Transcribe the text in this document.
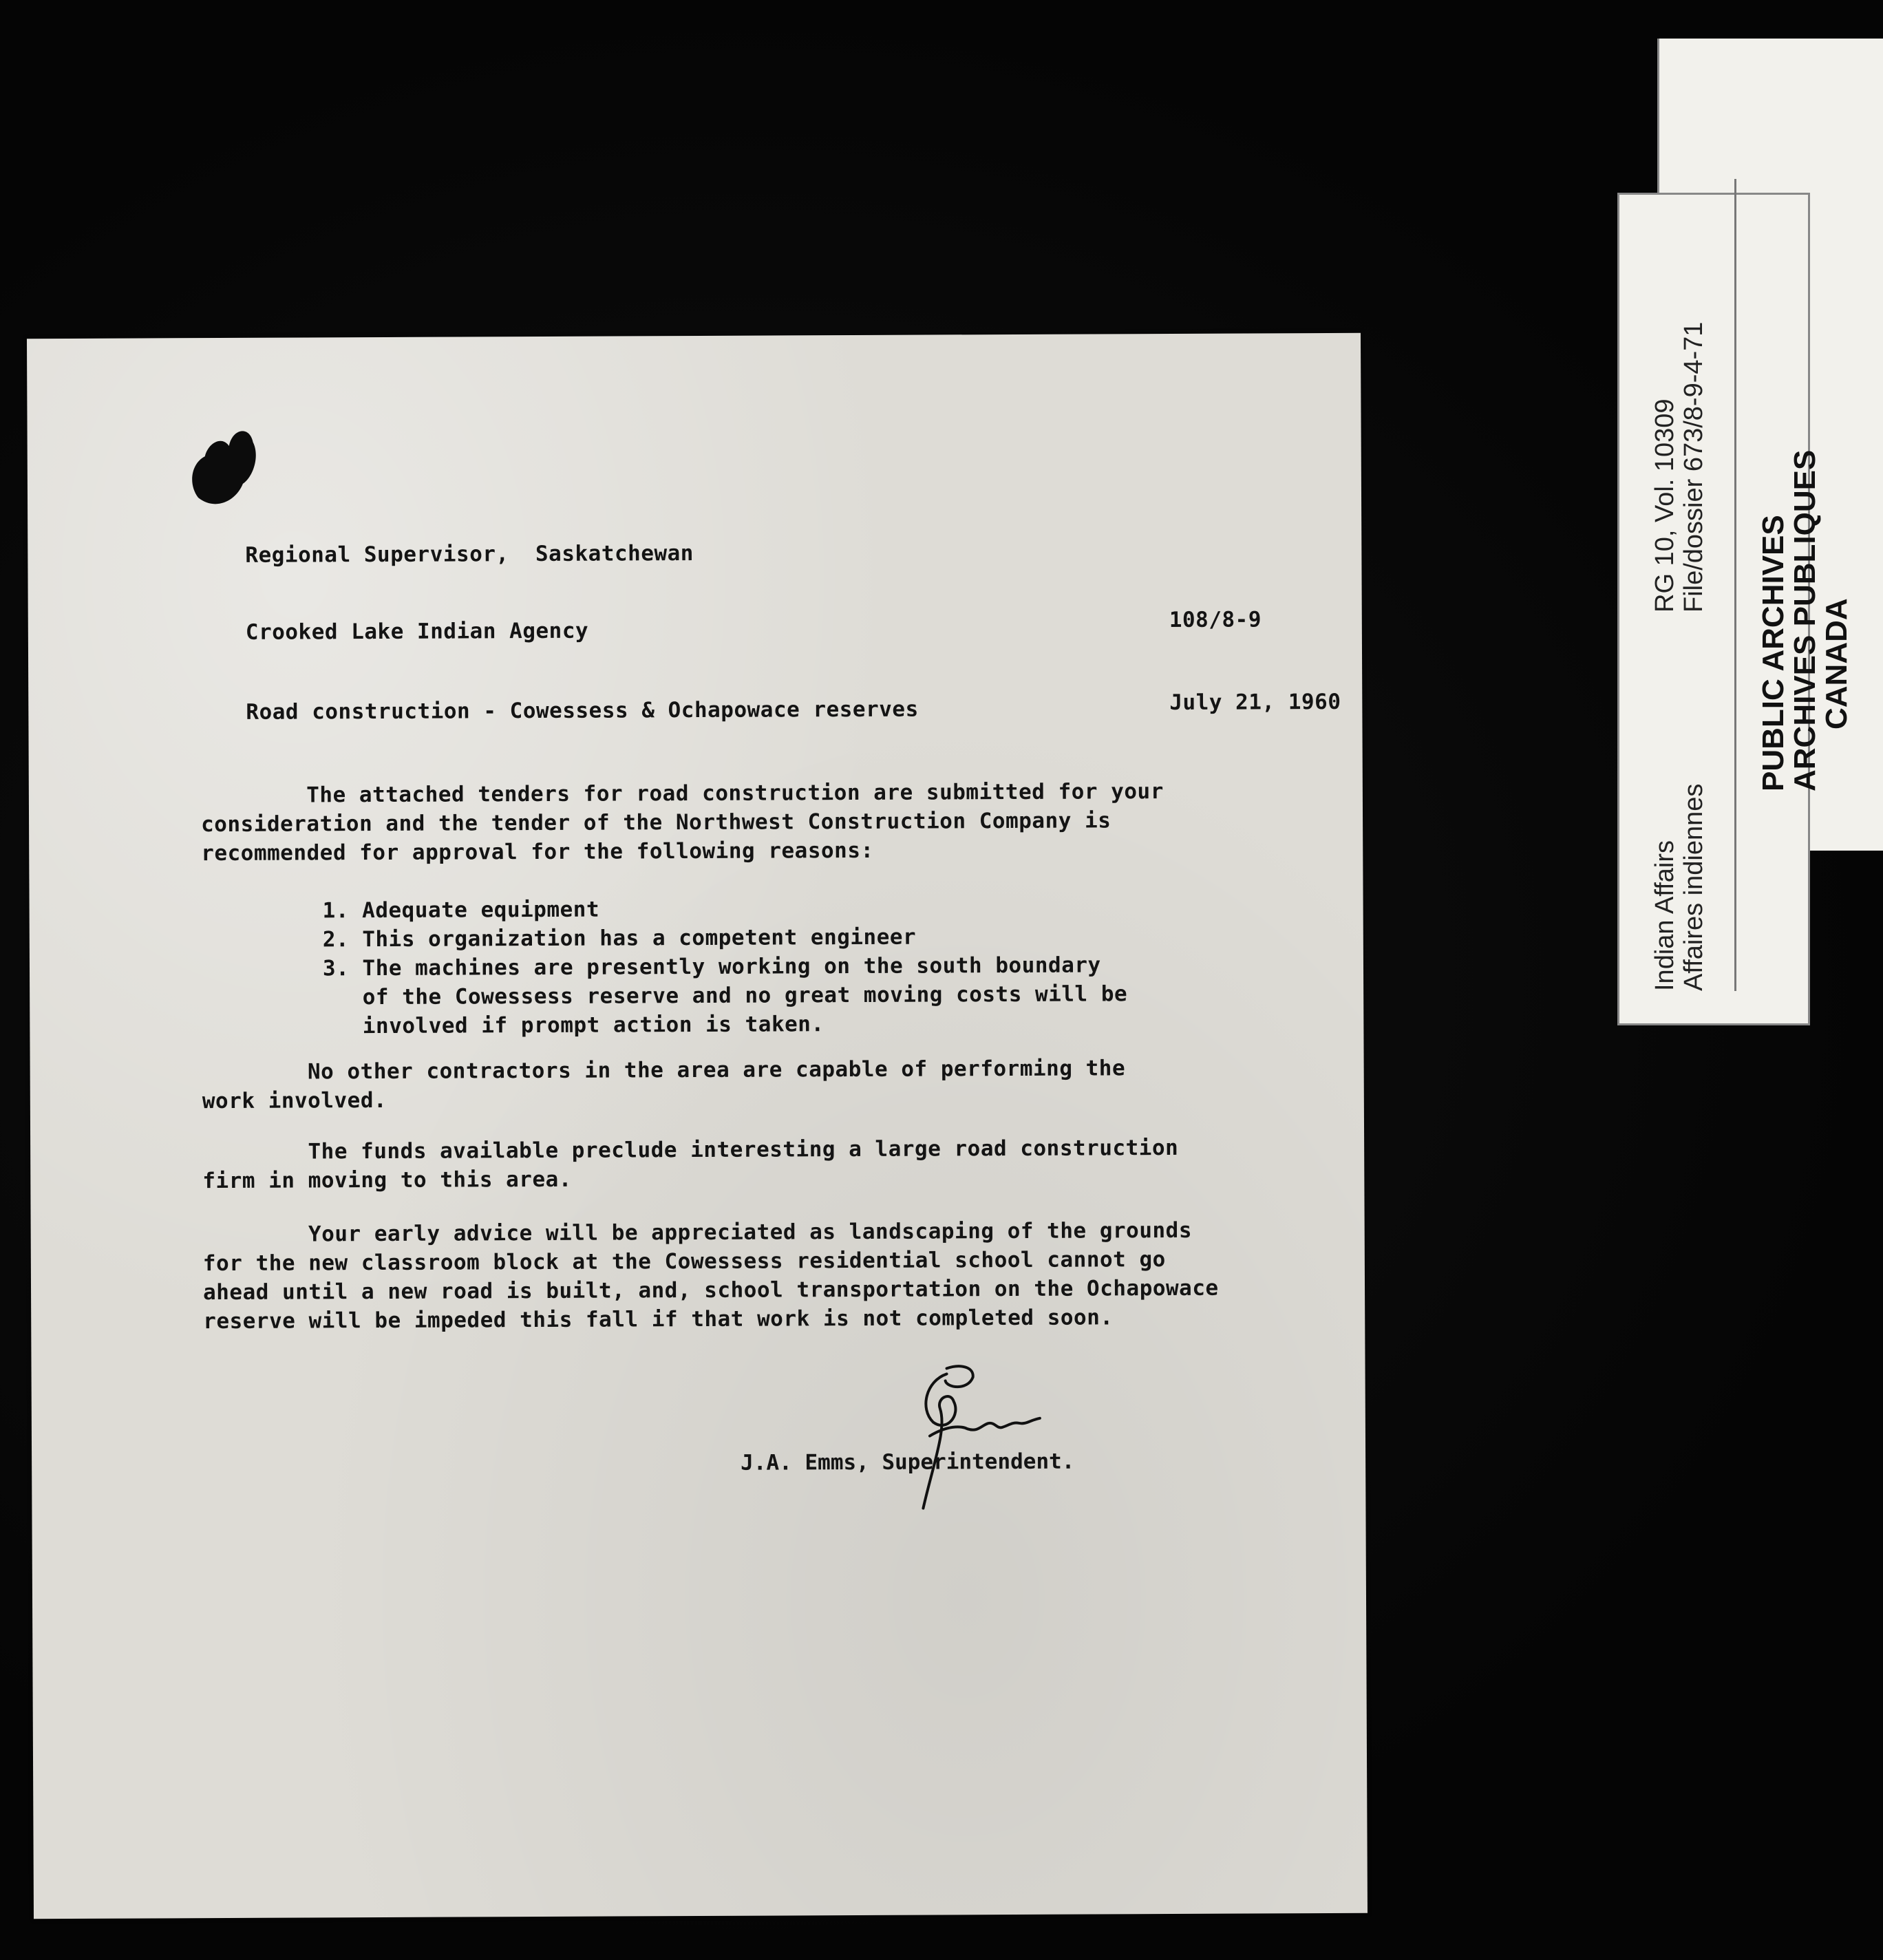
Regional Supervisor,  Saskatchewan
Crooked Lake Indian Agency	108/8-9
Road construction - Cowessess & Ochapowace reserves	July 21, 1960
The attached tenders for road construction are submitted for your
consideration and the tender of the Northwest Construction Company is
recommended for approval for the following reasons:
1. Adequate equipment
2. This organization has a competent engineer
3. The machines are presently working on the south boundary
of the Cowessess reserve and no great moving costs will be
involved if prompt action is taken.
No other contractors in the area are capable of performing the
work involved.
The funds available preclude interesting a large road construction
firm in moving to this area.
Your early advice will be appreciated as landscaping of the grounds
for the new classroom block at the Cowessess residential school cannot go
ahead until a new road is built, and, school transportation on the Ochapowace
reserve will be impeded this fall if that work is not completed soon.
J.A. Emms, Superintendent.
Indian Affairs Affaires indiennes
RG 10, Vol. 10309 File/dossier 673/8-9-4-71
PUBLIC ARCHIVES
ARCHIVES PUBLIQUES
CANADA
